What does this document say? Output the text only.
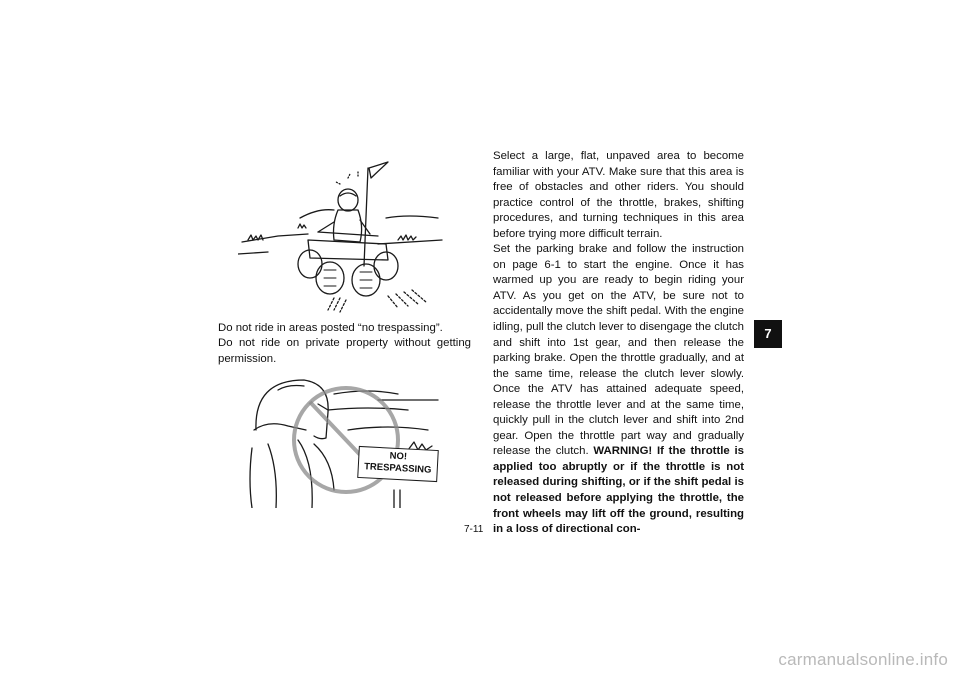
Do not ride in areas posted “no trespassing”.

Do not ride on private property without getting permission.

NO!
TRESPASSING

Select a large, flat, unpaved area to become familiar with your ATV. Make sure that this area is free of obstacles and other riders. You should practice control of the throttle, brakes, shifting procedures, and turning techniques in this area before trying more difficult terrain.

Set the parking brake and follow the instruction on page 6-1 to start the engine. Once it has warmed up you are ready to begin riding your ATV. As you get on the ATV, be sure not to accidentally move the shift pedal. With the engine idling, pull the clutch lever to disengage the clutch and shift into 1st gear, and then release the parking brake. Open the throttle gradually, and at the same time, release the clutch lever slowly. Once the ATV has attained adequate speed, release the throttle lever and at the same time, quickly pull in the clutch lever and shift into 2nd gear. Open the throttle part way and gradually release the clutch. WARNING! If the throttle is applied too abruptly or if the throttle is not released during shifting, or if the shift pedal is not released before applying the throttle, the front wheels may lift off the ground, resulting in a loss of directional con-

7-11
7
carmanualsonline.info
